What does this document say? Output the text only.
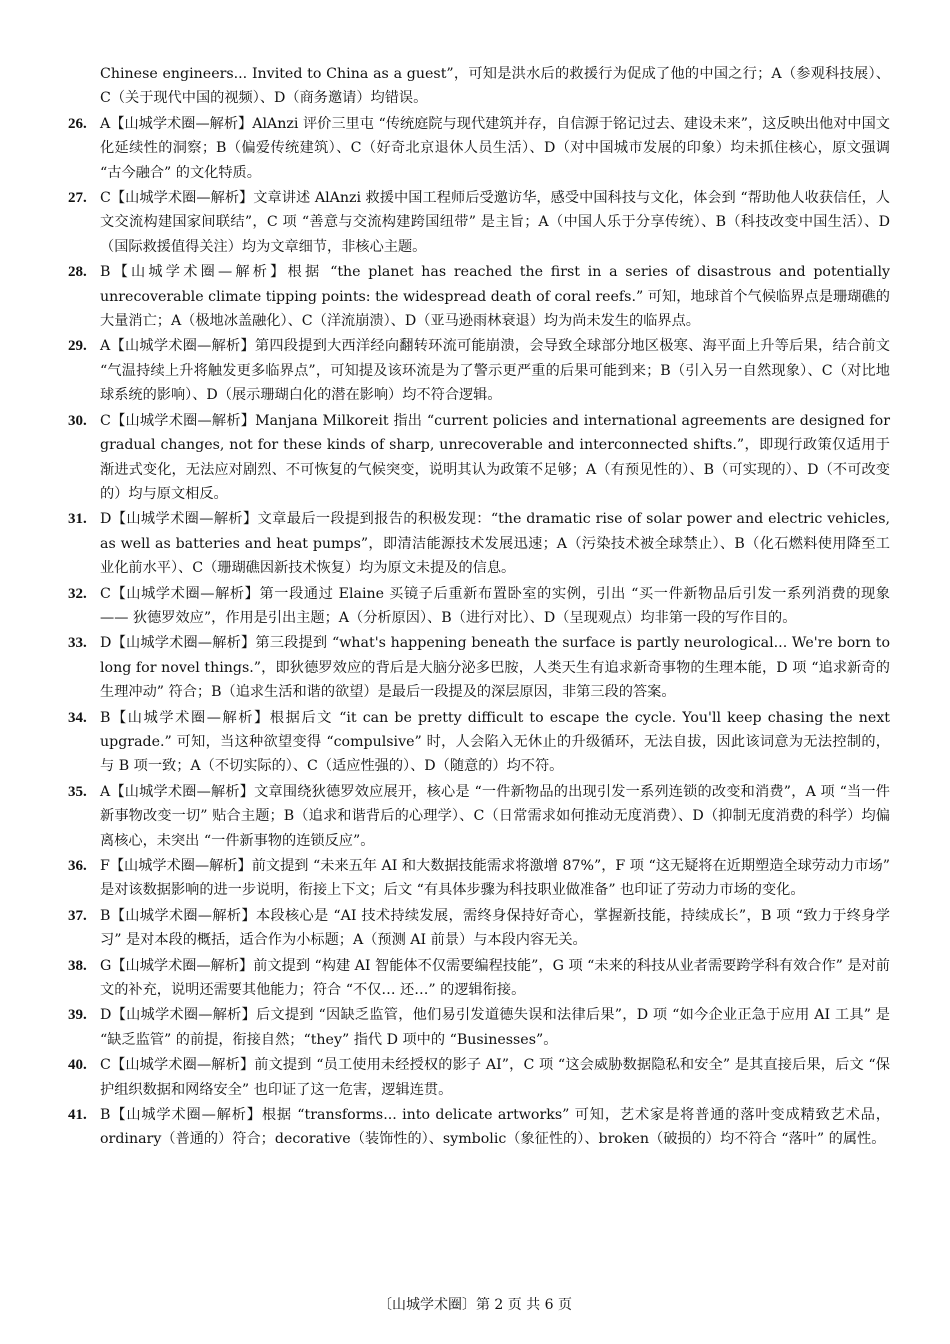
Chinese engineers... Invited to China as a guest”，可知是洪水后的救援行为促成了他的中国之行；A（参观科技展）、C（关于现代中国的视频）、D（商务邀请）均错误。

26. A【山城学术圈—解析】AlAnzi 评价三里屯 “传统庭院与现代建筑并存，自信源于铭记过去、建设未来”，这反映出他对中国文化延续性的洞察；B（偏爱传统建筑）、C（好奇北京退休人员生活）、D（对中国城市发展的印象）均未抓住核心，原文强调 “古今融合” 的文化特质。
27. C【山城学术圈—解析】文章讲述 AlAnzi 救援中国工程师后受邀访华，感受中国科技与文化，体会到 “帮助他人收获信任，人文交流构建国家间联结”，C 项 “善意与交流构建跨国纽带” 是主旨；A（中国人乐于分享传统）、B（科技改变中国生活）、D（国际救援值得关注）均为文章细节，非核心主题。
28. B【山城学术圈—解析】根据 “the planet has reached the first in a series of disastrous and potentially unrecoverable climate tipping points: the widespread death of coral reefs.” 可知，地球首个气候临界点是珊瑚礁的大量消亡；A（极地冰盖融化）、C（洋流崩溃）、D（亚马逊雨林衰退）均为尚未发生的临界点。
29. A【山城学术圈—解析】第四段提到大西洋经向翻转环流可能崩溃，会导致全球部分地区极寒、海平面上升等后果，结合前文 “气温持续上升将触发更多临界点”，可知提及该环流是为了警示更严重的后果可能到来；B（引入另一自然现象）、C（对比地球系统的影响）、D（展示珊瑚白化的潜在影响）均不符合逻辑。
30. C【山城学术圈—解析】Manjana Milkoreit 指出 “current policies and international agreements are designed for gradual changes, not for these kinds of sharp, unrecoverable and interconnected shifts.”，即现行政策仅适用于渐进式变化，无法应对剧烈、不可恢复的气候突变，说明其认为政策不足够；A（有预见性的）、B（可实现的）、D（不可改变的）均与原文相反。
31. D【山城学术圈—解析】文章最后一段提到报告的积极发现：“the dramatic rise of solar power and electric vehicles, as well as batteries and heat pumps”，即清洁能源技术发展迅速；A（污染技术被全球禁止）、B（化石燃料使用降至工业化前水平）、C（珊瑚礁因新技术恢复）均为原文未提及的信息。
32. C【山城学术圈—解析】第一段通过 Elaine 买镜子后重新布置卧室的实例，引出 “买一件新物品后引发一系列消费的现象 —— 狄德罗效应”，作用是引出主题；A（分析原因）、B（进行对比）、D（呈现观点）均非第一段的写作目的。
33. D【山城学术圈—解析】第三段提到 “what's happening beneath the surface is partly neurological... We're born to long for novel things.”，即狄德罗效应的背后是大脑分泌多巴胺，人类天生有追求新奇事物的生理本能，D 项 “追求新奇的生理冲动” 符合；B（追求生活和谐的欲望）是最后一段提及的深层原因，非第三段的答案。
34. B【山城学术圈—解析】根据后文 “it can be pretty difficult to escape the cycle. You'll keep chasing the next upgrade.” 可知，当这种欲望变得 “compulsive” 时，人会陷入无休止的升级循环，无法自拔，因此该词意为无法控制的，与 B 项一致；A（不切实际的）、C（适应性强的）、D（随意的）均不符。
35. A【山城学术圈—解析】文章围绕狄德罗效应展开，核心是 “一件新物品的出现引发一系列连锁的改变和消费”，A 项 “当一件新事物改变一切” 贴合主题；B（追求和谐背后的心理学）、C（日常需求如何推动无度消费）、D（抑制无度消费的科学）均偏离核心，未突出 “一件新事物的连锁反应”。
36. F【山城学术圈—解析】前文提到 “未来五年 AI 和大数据技能需求将激增 87%”，F 项 “这无疑将在近期塑造全球劳动力市场” 是对该数据影响的进一步说明，衔接上下文；后文 “有具体步骤为科技职业做准备” 也印证了劳动力市场的变化。
37. B【山城学术圈—解析】本段核心是 “AI 技术持续发展，需终身保持好奇心，掌握新技能，持续成长”，B 项 “致力于终身学习” 是对本段的概括，适合作为小标题；A（预测 AI 前景）与本段内容无关。
38. G【山城学术圈—解析】前文提到 “构建 AI 智能体不仅需要编程技能”，G 项 “未来的科技从业者需要跨学科有效合作” 是对前文的补充，说明还需要其他能力；符合 “不仅… 还…” 的逻辑衔接。
39. D【山城学术圈—解析】后文提到 “因缺乏监管，他们易引发道德失误和法律后果”，D 项 “如今企业正急于应用 AI 工具” 是 “缺乏监管” 的前提，衔接自然；“they” 指代 D 项中的 “Businesses”。
40. C【山城学术圈—解析】前文提到 “员工使用未经授权的影子 AI”，C 项 “这会威胁数据隐私和安全” 是其直接后果，后文 “保护组织数据和网络安全” 也印证了这一危害，逻辑连贯。
41. B【山城学术圈—解析】根据 “transforms... into delicate artworks” 可知，艺术家是将普通的落叶变成精致艺术品，ordinary（普通的）符合；decorative（装饰性的）、symbolic（象征性的）、broken（破损的）均不符合 “落叶” 的属性。
〔山城学术圈〕第 2 页 共 6 页
